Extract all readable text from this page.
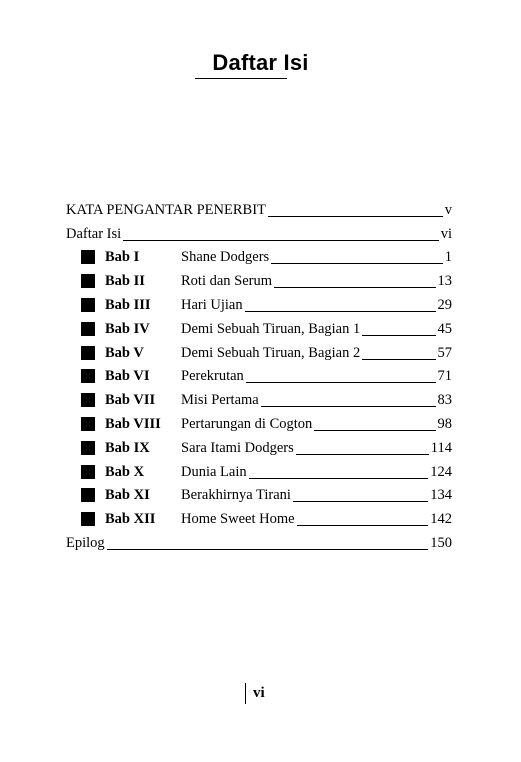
Daftar Isi
KATA PENGANTAR PENERBIT	v
Daftar Isi	vi
Bab I	Shane Dodgers	1
Bab II	Roti dan Serum	13
Bab III	Hari Ujian	29
Bab IV	Demi Sebuah Tiruan, Bagian 1	45
Bab V	Demi Sebuah Tiruan, Bagian 2	57
Bab VI	Perekrutan	71
Bab VII	Misi Pertama	83
Bab VIII	Pertarungan di Cogton	98
Bab IX	Sara Itami Dodgers	114
Bab X	Dunia Lain	124
Bab XI	Berakhirnya Tirani	134
Bab XII	Home Sweet Home	142
Epilog	150
vi
